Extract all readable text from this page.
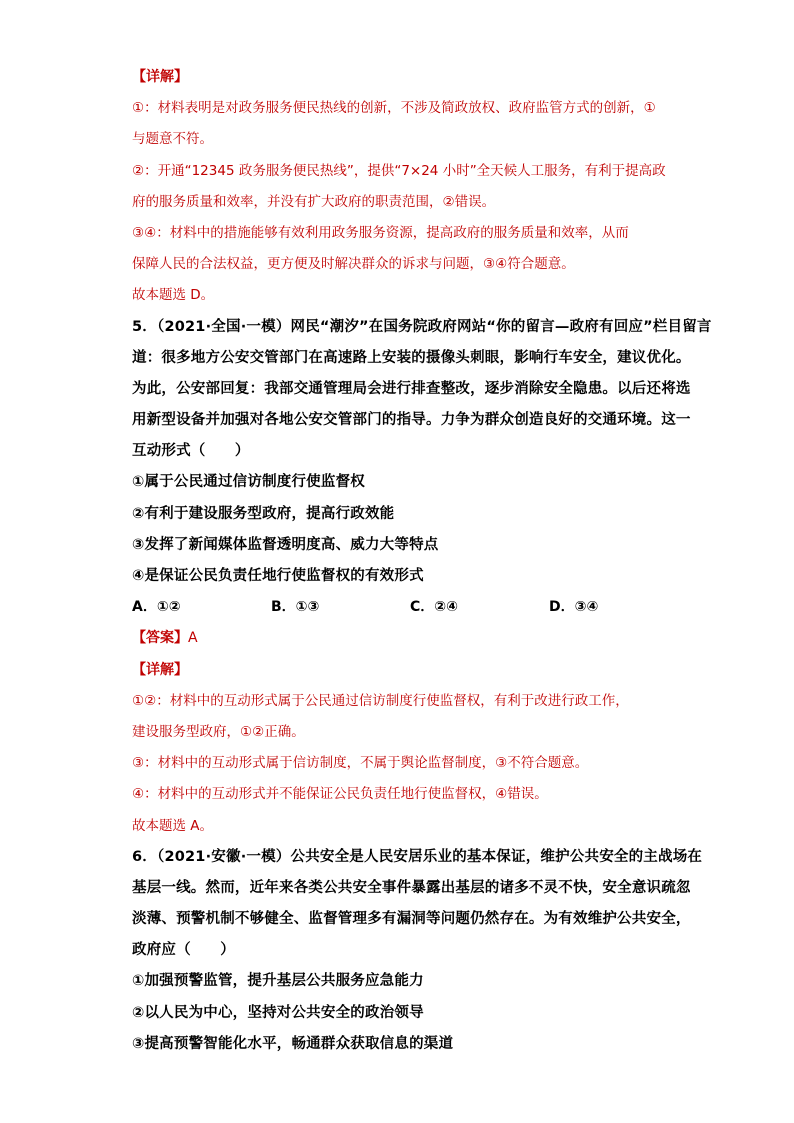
【详解】
①：材料表明是对政务服务便民热线的创新，不涉及简政放权、政府监管方式的创新，①
与题意不符。
②：开通“12345 政务服务便民热线”，提供“7×24 小时”全天候人工服务，有利于提高政
府的服务质量和效率，并没有扩大政府的职责范围，②错误。
③④：材料中的措施能够有效利用政务服务资源，提高政府的服务质量和效率，从而
保障人民的合法权益，更方便及时解决群众的诉求与问题，③④符合题意。
故本题选 D。
5．（2021·全国·一模）网民“潮汐”在国务院政府网站“你的留言—政府有回应”栏目留言
道：很多地方公安交管部门在高速路上安装的摄像头刺眼，影响行车安全，建议优化。
为此，公安部回复：我部交通管理局会进行排查整改，逐步消除安全隐患。以后还将选
用新型设备并加强对各地公安交管部门的指导。力争为群众创造良好的交通环境。这一
互动形式（　　）
①属于公民通过信访制度行使监督权
②有利于建设服务型政府，提高行政效能
③发挥了新闻媒体监督透明度高、威力大等特点
④是保证公民负责任地行使监督权的有效形式
A．①②	B．①③	C．②④	D．③④
【答案】A
【详解】
①②：材料中的互动形式属于公民通过信访制度行使监督权，有利于改进行政工作，
建设服务型政府，①②正确。
③：材料中的互动形式属于信访制度，不属于舆论监督制度，③不符合题意。
④：材料中的互动形式并不能保证公民负责任地行使监督权，④错误。
故本题选 A。
6．（2021·安徽·一模）公共安全是人民安居乐业的基本保证，维护公共安全的主战场在
基层一线。然而，近年来各类公共安全事件暴露出基层的诸多不灵不快，安全意识疏忽
淡薄、预警机制不够健全、监督管理多有漏洞等问题仍然存在。为有效维护公共安全，
政府应（　　）
①加强预警监管，提升基层公共服务应急能力
②以人民为中心，坚持对公共安全的政治领导
③提高预警智能化水平，畅通群众获取信息的渠道
